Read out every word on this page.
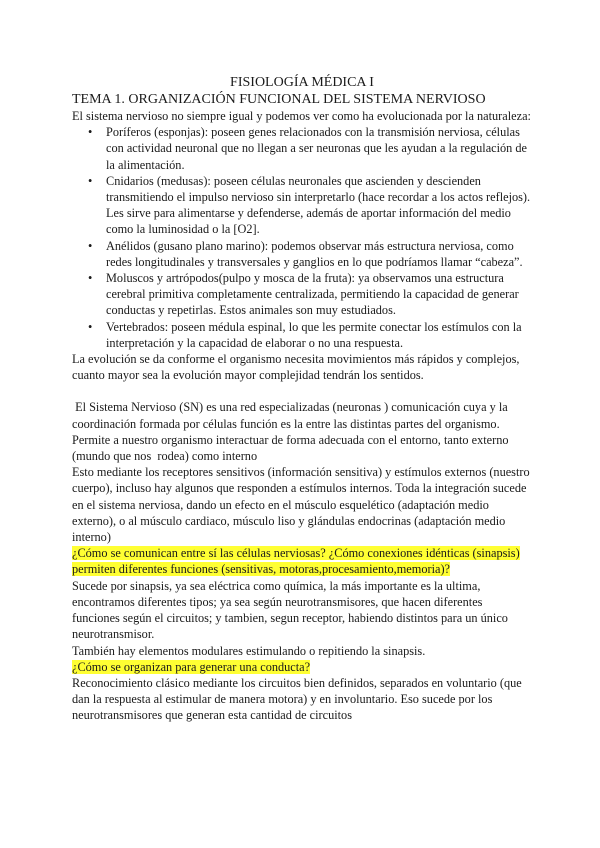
FISIOLOGÍA MÉDICA I
TEMA 1. ORGANIZACIÓN FUNCIONAL DEL SISTEMA NERVIOSO

El sistema nervioso no siempre igual y podemos ver como ha evolucionada por la naturaleza:

• Poríferos (esponjas): poseen genes relacionados con la transmisión nerviosa, células con actividad neuronal que no llegan a ser neuronas que les ayudan a la regulación de la alimentación.
• Cnidarios (medusas): poseen células neuronales que ascienden y descienden transmitiendo el impulso nervioso sin interpretarlo (hace recordar a los actos reflejos). Les sirve para alimentarse y defenderse, además de aportar información del medio como la luminosidad o la [O2].
• Anélidos (gusano plano marino): podemos observar más estructura nerviosa, como redes longitudinales y transversales y ganglios en lo que podríamos llamar “cabeza”.
• Moluscos y artrópodos(pulpo y mosca de la fruta): ya observamos una estructura cerebral primitiva completamente centralizada, permitiendo la capacidad de generar conductas y repetirlas. Estos animales son muy estudiados.
• Vertebrados: poseen médula espinal, lo que les permite conectar los estímulos con la interpretación y la capacidad de elaborar o no una respuesta.

La evolución se da conforme el organismo necesita movimientos más rápidos y complejos, cuanto mayor sea la evolución mayor complejidad tendrán los sentidos.

El Sistema Nervioso (SN) es una red especializadas (neuronas ) comunicación cuya y la coordinación formada por células función es la entre las distintas partes del organismo. Permite a nuestro organismo interactuar de forma adecuada con el entorno, tanto externo (mundo que nos  rodea) como interno

Esto mediante los receptores sensitivos (información sensitiva) y estímulos externos (nuestro cuerpo), incluso hay algunos que responden a estímulos internos. Toda la integración sucede en el sistema nerviosa, dando un efecto en el músculo esquelético (adaptación medio externo), o al músculo cardiaco, músculo liso y glándulas endocrinas (adaptación medio interno)

¿Cómo se comunican entre sí las células nerviosas? ¿Cómo conexiones idénticas (sinapsis) permiten diferentes funciones (sensitivas, motoras,procesamiento,memoria)?

Sucede por sinapsis, ya sea eléctrica como química, la más importante es la ultima, encontramos diferentes tipos; ya sea según neurotransmisores, que hacen diferentes funciones según el circuitos; y tambien, segun receptor, habiendo distintos para un único neurotransmisor.

También hay elementos modulares estimulando o repitiendo la sinapsis.

¿Cómo se organizan para generar una conducta?

Reconocimiento clásico mediante los circuitos bien definidos, separados en voluntario (que dan la respuesta al estimular de manera motora) y en involuntario. Eso sucede por los neurotransmisores que generan esta cantidad de circuitos
